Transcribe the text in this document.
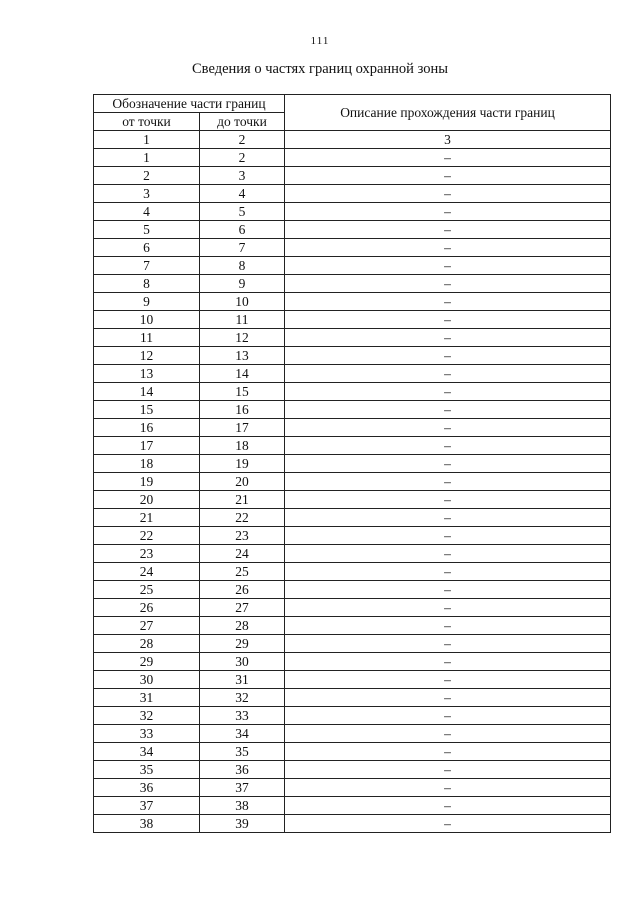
111
Сведения о частях границ охранной зоны
Обозначение части границ		Описание прохождения части границ
от точки	до точки	
1	2	3
1	2	–
2	3	–
3	4	–
4	5	–
5	6	–
6	7	–
7	8	–
8	9	–
9	10	–
10	11	–
11	12	–
12	13	–
13	14	–
14	15	–
15	16	–
16	17	–
17	18	–
18	19	–
19	20	–
20	21	–
21	22	–
22	23	–
23	24	–
24	25	–
25	26	–
26	27	–
27	28	–
28	29	–
29	30	–
30	31	–
31	32	–
32	33	–
33	34	–
34	35	–
35	36	–
36	37	–
37	38	–
38	39	–
